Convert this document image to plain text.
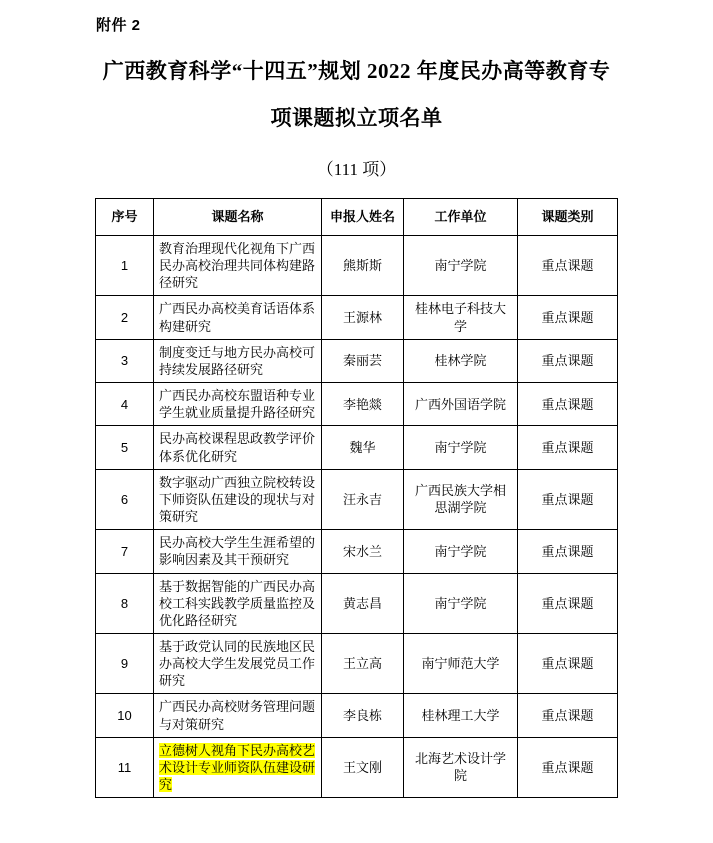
附件 2
广西教育科学“十四五”规划 2022 年度民办高等教育专
项课题拟立项名单
（111 项）
序号	课题名称	申报人姓名	工作单位	课题类别
1	教育治理现代化视角下广西民办高校治理共同体构建路径研究	熊斯斯	南宁学院	重点课题
2	广西民办高校美育话语体系构建研究	王源林	桂林电子科技大学	重点课题
3	制度变迁与地方民办高校可持续发展路径研究	秦丽芸	桂林学院	重点课题
4	广西民办高校东盟语种专业学生就业质量提升路径研究	李艳燚	广西外国语学院	重点课题
5	民办高校课程思政教学评价体系优化研究	魏华	南宁学院	重点课题
6	数字驱动广西独立院校转设下师资队伍建设的现状与对策研究	汪永吉	广西民族大学相思湖学院	重点课题
7	民办高校大学生生涯希望的影响因素及其干预研究	宋水兰	南宁学院	重点课题
8	基于数据智能的广西民办高校工科实践教学质量监控及优化路径研究	黄志昌	南宁学院	重点课题
9	基于政党认同的民族地区民办高校大学生发展党员工作研究	王立高	南宁师范大学	重点课题
10	广西民办高校财务管理问题与对策研究	李良栋	桂林理工大学	重点课题
11	立德树人视角下民办高校艺术设计专业师资队伍建设研究	王文刚	北海艺术设计学院	重点课题
